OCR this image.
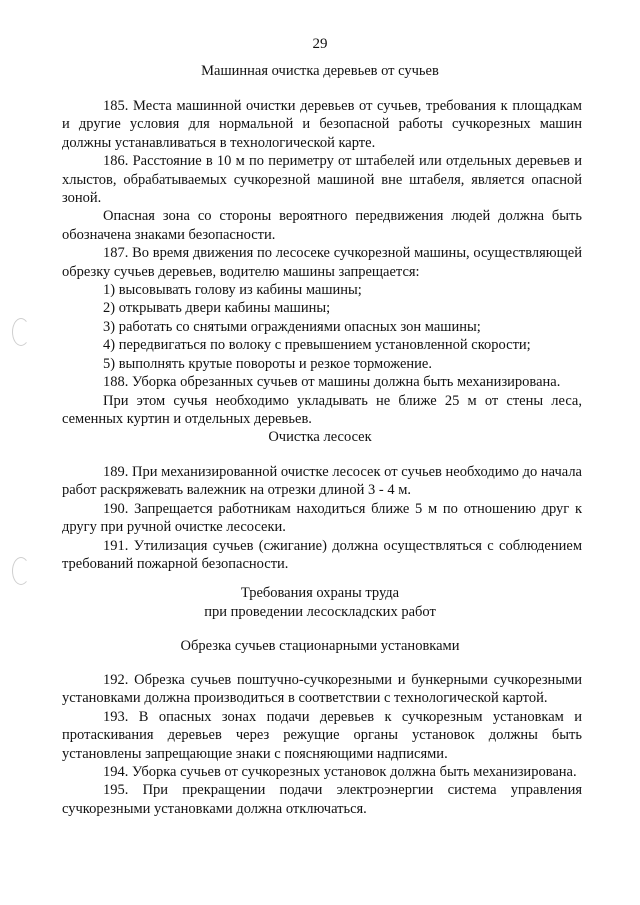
29
Машинная очистка деревьев от сучьев

185. Места машинной очистки деревьев от сучьев, требования к площадкам и другие условия для нормальной и безопасной работы сучкорезных машин должны устанавливаться в технологической карте.

186. Расстояние в 10 м по периметру от штабелей или отдельных деревьев и хлыстов, обрабатываемых сучкорезной машиной вне штабеля, является опасной зоной.

Опасная зона со стороны вероятного передвижения людей должна быть обозначена знаками безопасности.

187. Во время движения по лесосеке сучкорезной машины, осуществляющей обрезку сучьев деревьев, водителю машины запрещается:

1) высовывать голову из кабины машины;

2) открывать двери кабины машины;

3) работать со снятыми ограждениями опасных зон машины;

4) передвигаться по волоку с превышением установленной скорости;

5) выполнять крутые повороты и резкое торможение.

188. Уборка обрезанных сучьев от машины должна быть механизирована.

При этом сучья необходимо укладывать не ближе 25 м от стены леса, семенных куртин и отдельных деревьев.

Очистка лесосек

189. При механизированной очистке лесосек от сучьев необходимо до начала работ раскряжевать валежник на отрезки длиной 3 - 4 м.

190. Запрещается работникам находиться ближе 5 м по отношению друг к другу при ручной очистке лесосеки.

191. Утилизация сучьев (сжигание) должна осуществляться с соблюдением требований пожарной безопасности.

Требования охраны труда
при проведении лесоскладских работ
Обрезка сучьев стационарными установками

192. Обрезка сучьев поштучно-сучкорезными и бункерными сучкорезными установками должна производиться в соответствии с технологической картой.

193. В опасных зонах подачи деревьев к сучкорезным установкам и протаскивания деревьев через режущие органы установок должны быть установлены запрещающие знаки с поясняющими надписями.

194. Уборка сучьев от сучкорезных установок должна быть механизирована.

195. При прекращении подачи электроэнергии система управления сучкорезными установками должна отключаться.
